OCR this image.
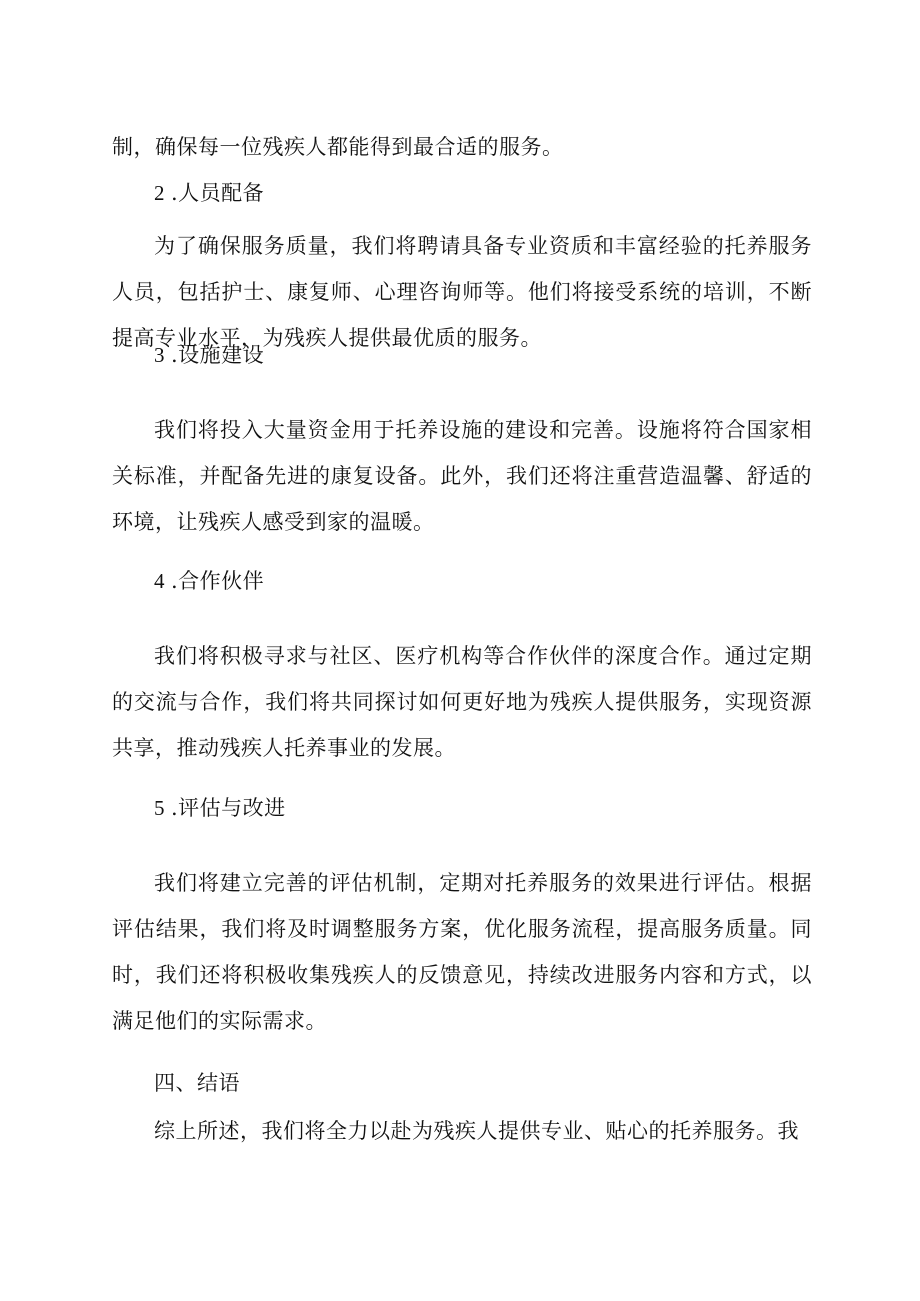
制，确保每一位残疾人都能得到最合适的服务。

2 .人员配备

为了确保服务质量，我们将聘请具备专业资质和丰富经验的托养服务人员，包括护士、康复师、心理咨询师等。他们将接受系统的培训，不断提高专业水平，为残疾人提供最优质的服务。

3 .设施建设

我们将投入大量资金用于托养设施的建设和完善。设施将符合国家相关标准，并配备先进的康复设备。此外，我们还将注重营造温馨、舒适的环境，让残疾人感受到家的温暖。

4 .合作伙伴

我们将积极寻求与社区、医疗机构等合作伙伴的深度合作。通过定期的交流与合作，我们将共同探讨如何更好地为残疾人提供服务，实现资源共享，推动残疾人托养事业的发展。

5 .评估与改进

我们将建立完善的评估机制，定期对托养服务的效果进行评估。根据评估结果，我们将及时调整服务方案，优化服务流程，提高服务质量。同时，我们还将积极收集残疾人的反馈意见，持续改进服务内容和方式，以满足他们的实际需求。

四、结语

综上所述，我们将全力以赴为残疾人提供专业、贴心的托养服务。我
